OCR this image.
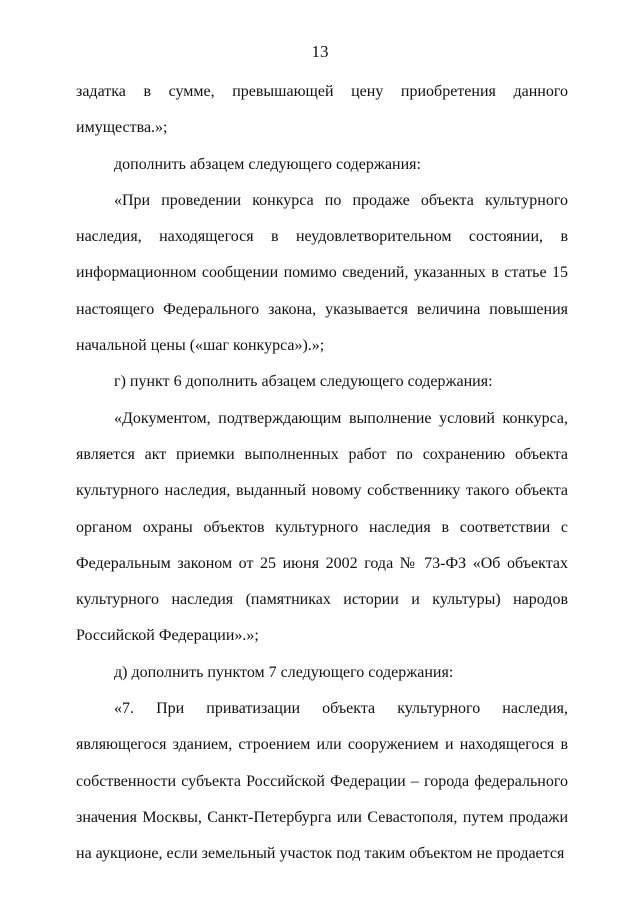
13

задатка в сумме, превышающей цену приобретения данного имущества.»;

дополнить абзацем следующего содержания:

«При проведении конкурса по продаже объекта культурного наследия, находящегося в неудовлетворительном состоянии, в информационном сообщении помимо сведений, указанных в статье 15 настоящего Федерального закона, указывается величина повышения начальной цены («шаг конкурса»).»;

г) пункт 6 дополнить абзацем следующего содержания:

«Документом, подтверждающим выполнение условий конкурса, является акт приемки выполненных работ по сохранению объекта культурного наследия, выданный новому собственнику такого объекта органом охраны объектов культурного наследия в соответствии с Федеральным законом от 25 июня 2002 года № 73-ФЗ «Об объектах культурного наследия (памятниках истории и культуры) народов Российской Федерации».»;

д) дополнить пунктом 7 следующего содержания:

«7. При приватизации объекта культурного наследия, являющегося зданием, строением или сооружением и находящегося в собственности субъекта Российской Федерации – города федерального значения Москвы, Санкт-Петербурга или Севастополя, путем продажи на аукционе, если земельный участок под таким объектом не продается
